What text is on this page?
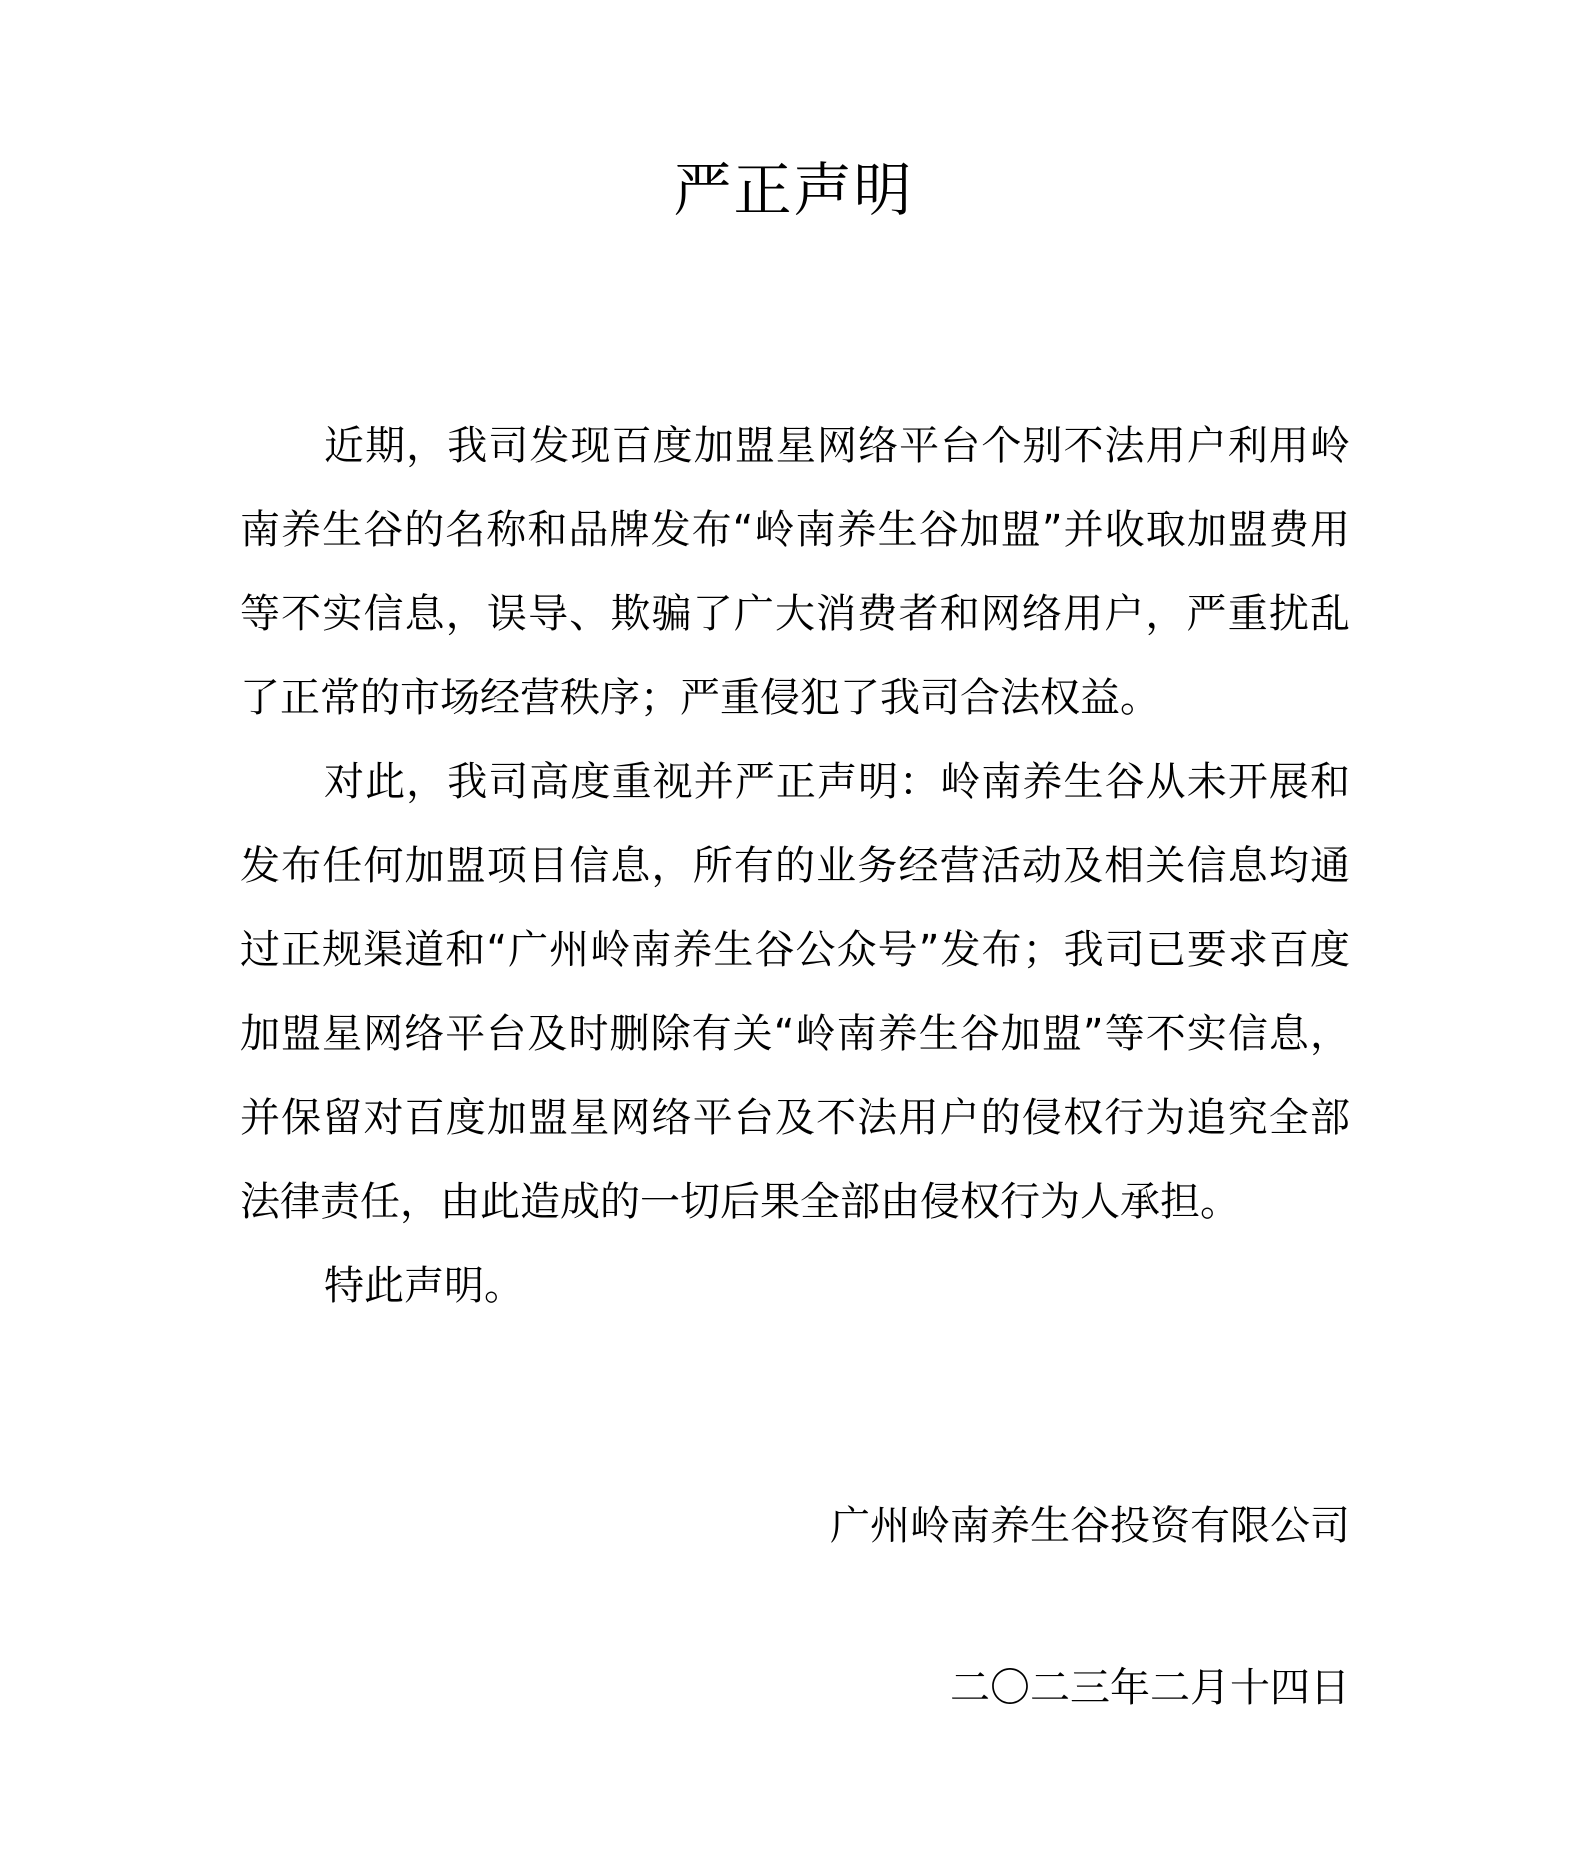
严正声明

近期，我司发现百度加盟星网络平台个别不法用户利用岭南养生谷的名称和品牌发布“岭南养生谷加盟”并收取加盟费用等不实信息，误导、欺骗了广大消费者和网络用户，严重扰乱了正常的市场经营秩序；严重侵犯了我司合法权益。

对此，我司高度重视并严正声明：岭南养生谷从未开展和发布任何加盟项目信息，所有的业务经营活动及相关信息均通过正规渠道和“广州岭南养生谷公众号”发布；我司已要求百度加盟星网络平台及时删除有关“岭南养生谷加盟”等不实信息，并保留对百度加盟星网络平台及不法用户的侵权行为追究全部法律责任，由此造成的一切后果全部由侵权行为人承担。

特此声明。

广州岭南养生谷投资有限公司
二〇二三年二月十四日
